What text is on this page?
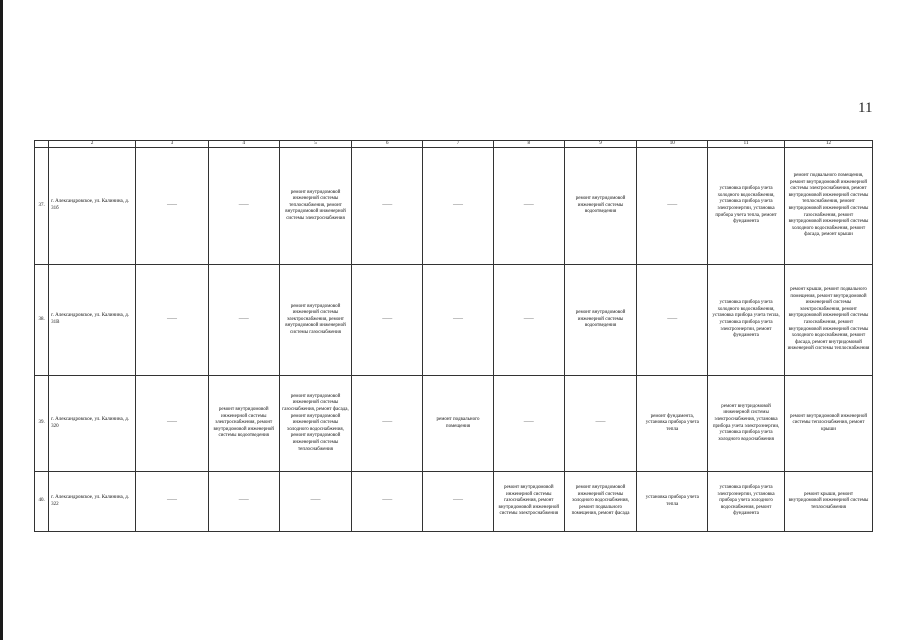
11
	2	3	4	5	6	7	8	9	10	11	12
37.	г. Александровское, ул. Калинина, д. 31б	——	——	ремонт внутридомовой инженерной системы теплоснабжения, ремонт внутридомовой инженерной системы электроснабжения	——	——	——	ремонт внутридомовой инженерной системы водоотведения	——	установка прибора учета холодного водоснабжения, установка прибора учета электроэнергии, установка прибора учета тепла, ремонт фундамента	ремонт подвального помещения, ремонт внутридомовой инженерной системы электроснабжения, ремонт внутридомовой инженерной системы теплоснабжения, ремонт внутридомовой инженерной системы газоснабжения, ремонт внутридомовой инженерной системы холодного водоснабжения, ремонт фасада, ремонт крыши
38.	г. Александровское, ул. Калинина, д. 31В	——	——	ремонт внутридомовой инженерной системы электроснабжения, ремонт внутридомовой инженерной системы газоснабжения	——	——	——	ремонт внутридомовой инженерной системы водоотведения	——	установка прибора учета холодного водоснабжения, установка прибора учета тепла, установка прибора учета электроэнергии, ремонт фундамента	ремонт крыши, ремонт подвального помещения, ремонт внутридомовой инженерной системы электроснабжения, ремонт внутридомовой инженерной системы газоснабжения, ремонт внутридомовой инженерной системы холодного водоснабжения, ремонт фасада, ремонт внутридомовой инженерной системы теплоснабжения
39.	г. Александровское, ул. Калинина, д. 320	——	ремонт внутридомовой инженерной системы электроснабжения, ремонт внутридомовой инженерной системы водоотведения	ремонт внутридомовой инженерной системы газоснабжения, ремонт фасада, ремонт внутридомовой инженерной системы холодного водоснабжения, ремонт внутридомовой инженерной системы теплоснабжения	——	ремонт подвального помещения	——	——	ремонт фундамента, установка прибора учета тепла	ремонт внутридомовой инженерной системы электроснабжения, установка прибора учета электроэнергии, установка прибора учета холодного водоснабжения	ремонт внутридомовой инженерной системы теплоснабжения, ремонт крыши
40.	г. Александровское, ул. Калинина, д. 322	——	——	——	——	——	ремонт внутридомовой инженерной системы газоснабжения, ремонт внутридомовой инженерной системы электроснабжения	ремонт внутридомовой инженерной системы холодного водоснабжения, ремонт подвального помещения, ремонт фасада	установка прибора учета тепла	установка прибора учета электроэнергии, установка прибора учета холодного водоснабжения, ремонт фундамента	ремонт крыши, ремонт внутридомовой инженерной системы теплоснабжения
